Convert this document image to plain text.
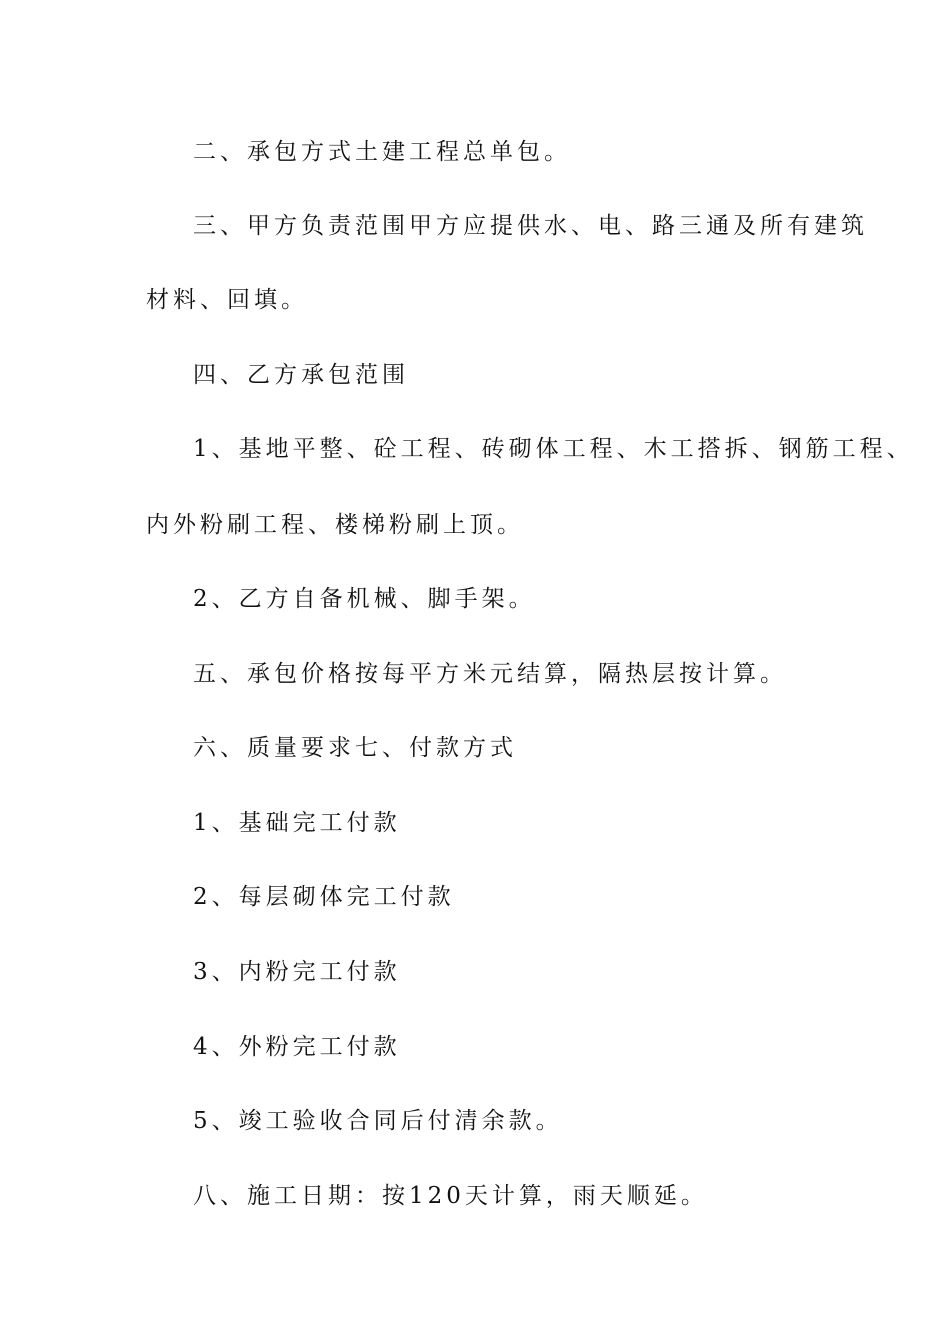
二、承包方式土建工程总单包。
三、甲方负责范围甲方应提供水、电、路三通及所有建筑
材料、回填。
四、乙方承包范围
1、基地平整、砼工程、砖砌体工程、木工搭拆、钢筋工程、
内外粉刷工程、楼梯粉刷上顶。
2、乙方自备机械、脚手架。
五、承包价格按每平方米元结算，隔热层按计算。
六、质量要求七、付款方式
1、基础完工付款
2、每层砌体完工付款
3、内粉完工付款
4、外粉完工付款
5、竣工验收合同后付清余款。
八、施工日期：按120天计算，雨天顺延。
